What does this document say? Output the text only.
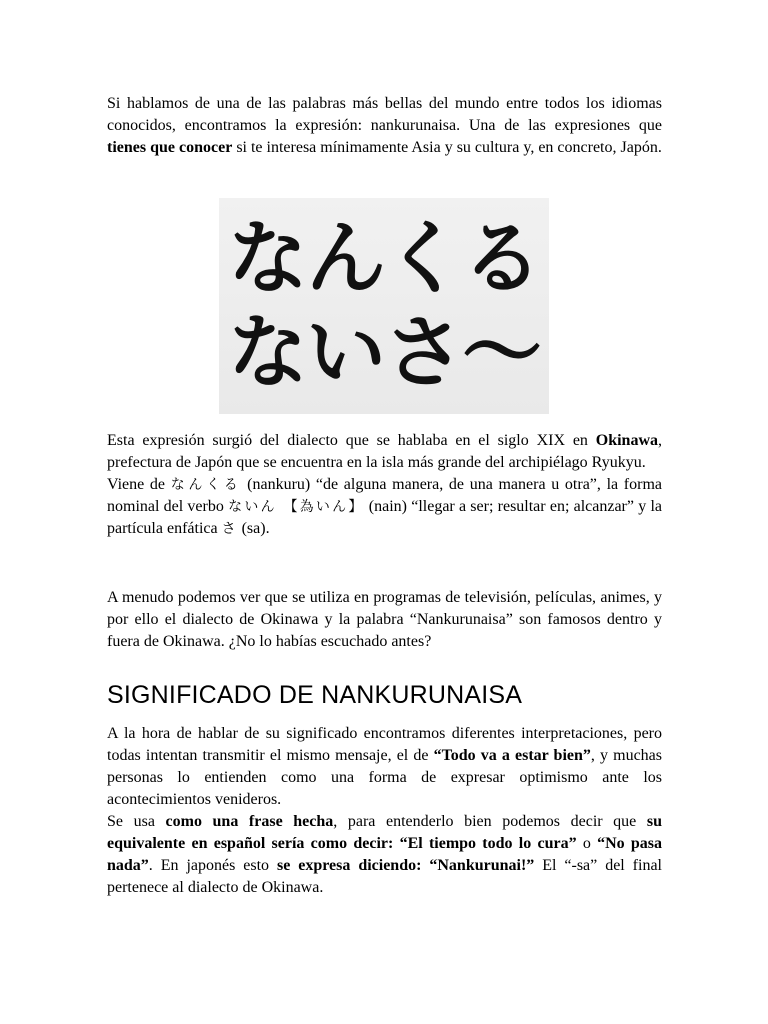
Si hablamos de una de las palabras más bellas del mundo entre todos los idiomas conocidos, encontramos la expresión: nankurunaisa. Una de las expresiones que tienes que conocer si te interesa mínimamente Asia y su cultura y, en concreto, Japón.

なんくる
ないさ〜

Esta expresión surgió del dialecto que se hablaba en el siglo XIX en Okinawa, prefectura de Japón que se encuentra en la isla más grande del archipiélago Ryukyu.
Viene de なんくる (nankuru) “de alguna manera, de una manera u otra”, la forma nominal del verbo ないん 【為いん】 (nain) “llegar a ser; resultar en; alcanzar” y la partícula enfática さ (sa).

A menudo podemos ver que se utiliza en programas de televisión, películas, animes, y por ello el dialecto de Okinawa y la palabra “Nankurunaisa” son famosos dentro y fuera de Okinawa. ¿No lo habías escuchado antes?

SIGNIFICADO DE NANKURUNAISA

A la hora de hablar de su significado encontramos diferentes interpretaciones, pero todas intentan transmitir el mismo mensaje, el de “Todo va a estar bien”, y muchas personas lo entienden como una forma de expresar optimismo ante los acontecimientos venideros.
Se usa como una frase hecha, para entenderlo bien podemos decir que su equivalente en español sería como decir: “El tiempo todo lo cura” o “No pasa nada”. En japonés esto se expresa diciendo: “Nankurunai!” El “-sa” del final pertenece al dialecto de Okinawa.
